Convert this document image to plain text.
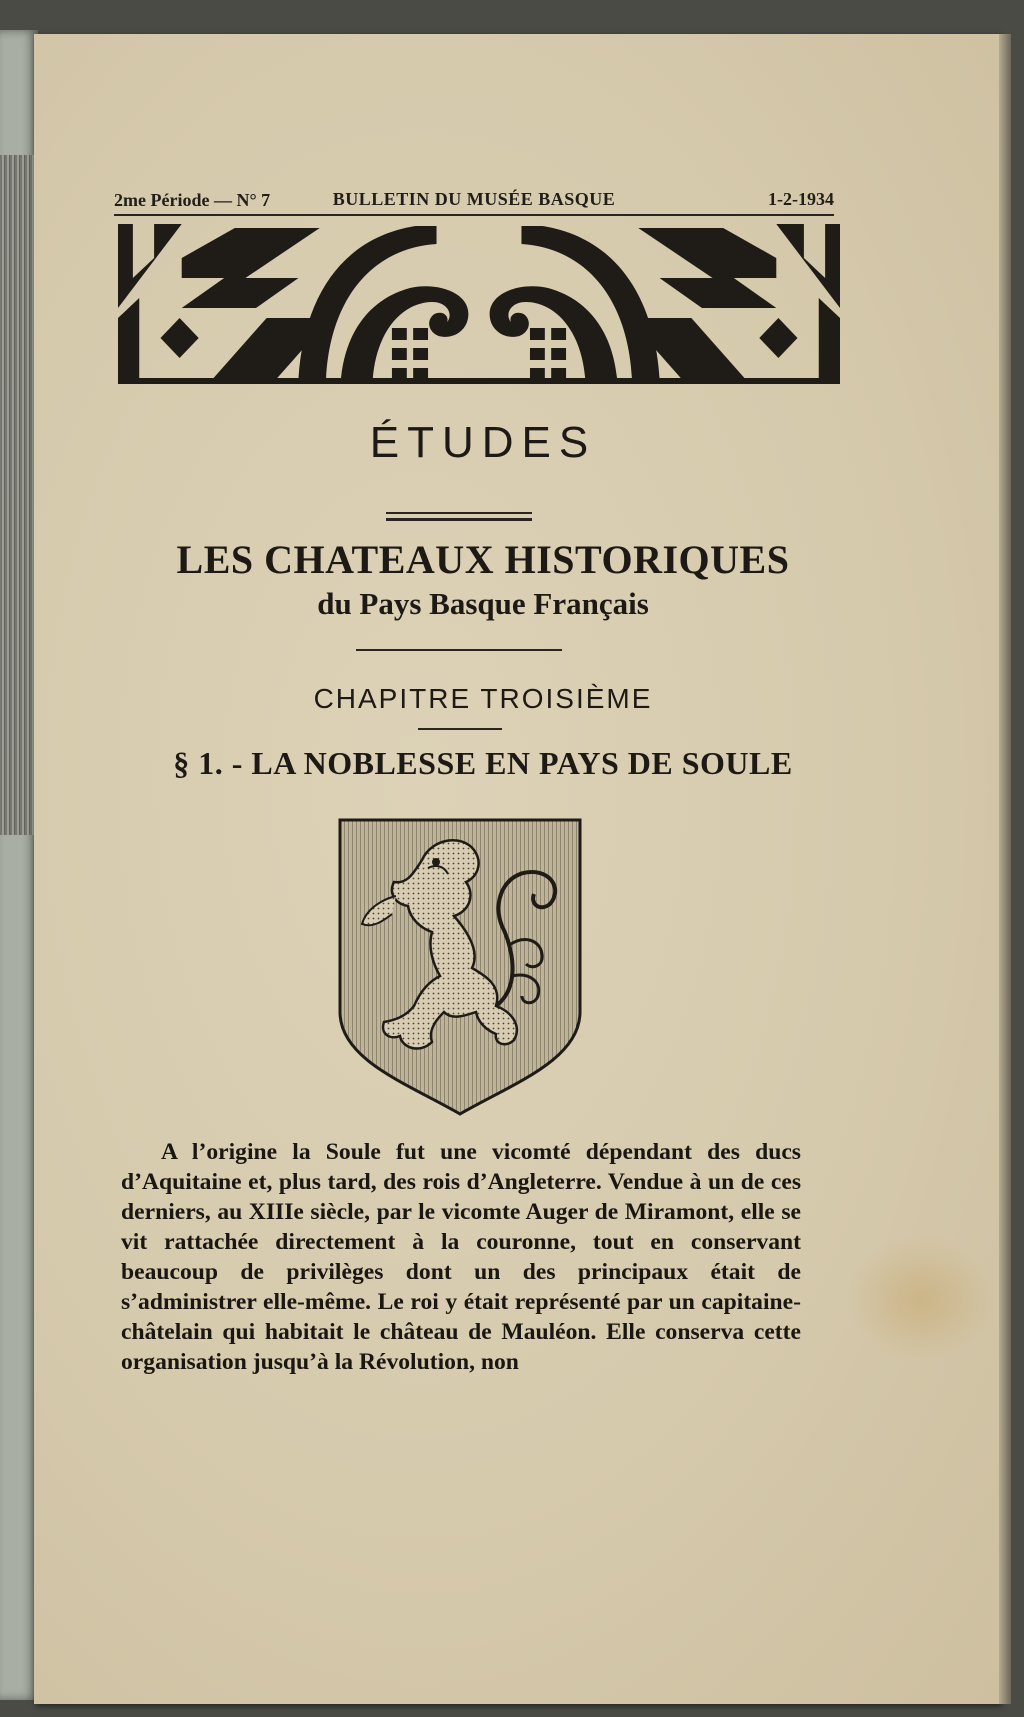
2me Période — N° 7	BULLETIN DU MUSÉE BASQUE	1-2-1934
ÉTUDES
LES CHATEAUX HISTORIQUES
du Pays Basque Français
CHAPITRE TROISIÈME
§ 1. - LA NOBLESSE EN PAYS DE SOULE

A l’origine la Soule fut une vicomté dépendant des ducs d’Aquitaine et, plus tard, des rois d’Angleterre. Vendue à un de ces derniers, au XIIIe siècle, par le vicomte Auger de Miramont, elle se vit rattachée directement à la couronne, tout en conservant beaucoup de privilèges dont un des principaux était de s’administrer elle-même. Le roi y était représenté par un capitaine-châtelain qui habitait le château de Mauléon. Elle conserva cette organisation jusqu’à la Révolution, non
